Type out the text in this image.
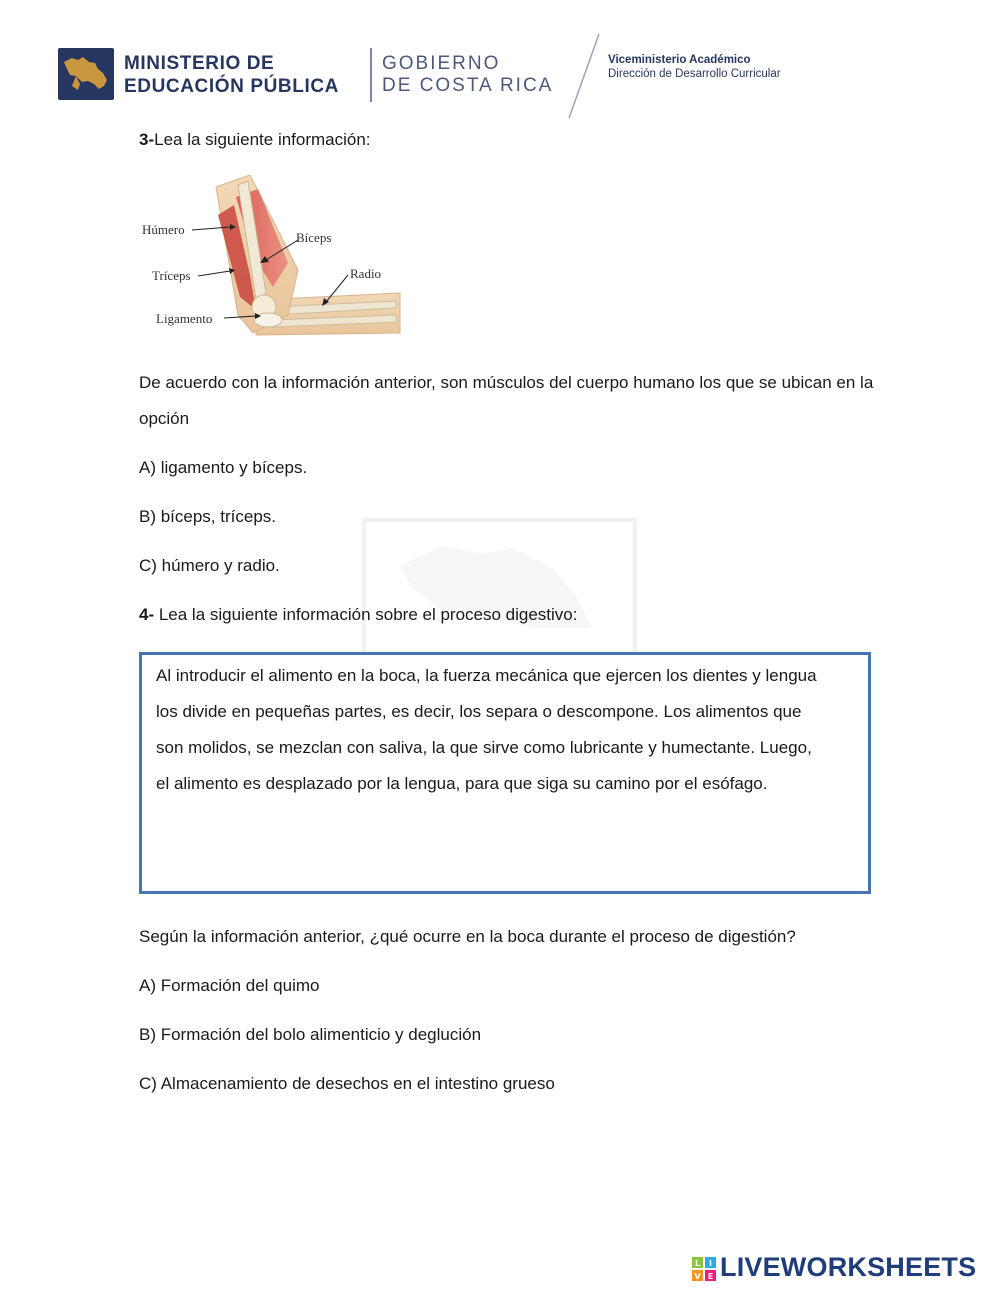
MINISTERIO DE
EDUCACIÓN PÚBLICA
GOBIERNO
DE COSTA RICA
Viceministerio Académico
Dirección de Desarrollo Curricular
3-Lea la siguiente información:
Húmero
Bíceps
Tríceps	Radio
Ligamento
De acuerdo con la información anterior, son músculos del cuerpo humano los que se ubican en la
opción
A) ligamento y bíceps.
B) bíceps, tríceps.
C) húmero y radio.
4- Lea la siguiente información sobre el proceso digestivo:
Al introducir el alimento en la boca, la fuerza mecánica que ejercen los dientes y lengua
los divide en pequeñas partes, es decir, los separa o descompone. Los alimentos que
son molidos, se mezclan con saliva, la que sirve como lubricante y humectante. Luego,
el alimento es desplazado por la lengua, para que siga su camino por el esófago.
Según la información anterior, ¿qué ocurre en la boca durante el proceso de digestión?
A) Formación del quimo
B) Formación del bolo alimenticio y deglución
C) Almacenamiento de desechos en el intestino grueso
L I
V E LIVEWORKSHEETS
